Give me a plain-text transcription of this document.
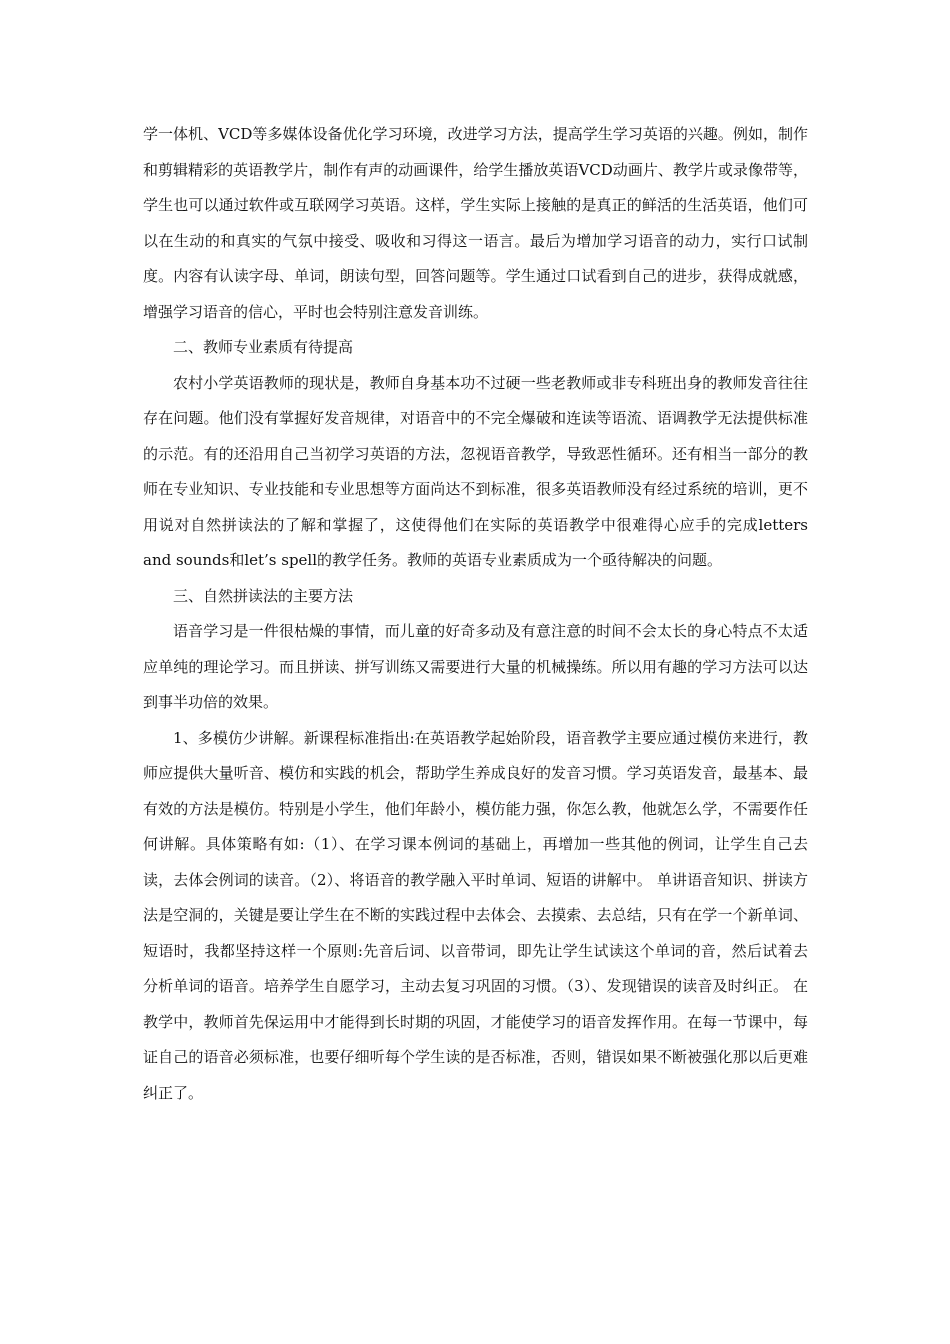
学一体机、VCD等多媒体设备优化学习环境，改进学习方法，提高学生学习英语的兴趣。例如，制作和剪辑精彩的英语教学片，制作有声的动画课件，给学生播放英语VCD动画片、教学片或录像带等，学生也可以通过软件或互联网学习英语。这样，学生实际上接触的是真正的鲜活的生活英语，他们可以在生动的和真实的气氛中接受、吸收和习得这一语言。最后为增加学习语音的动力，实行口试制度。内容有认读字母、单词，朗读句型，回答问题等。学生通过口试看到自己的进步，获得成就感，增强学习语音的信心，平时也会特别注意发音训练。

二、教师专业素质有待提高

农村小学英语教师的现状是，教师自身基本功不过硬一些老教师或非专科班出身的教师发音往往存在问题。他们没有掌握好发音规律，对语音中的不完全爆破和连读等语流、语调教学无法提供标准的示范。有的还沿用自己当初学习英语的方法，忽视语音教学，导致恶性循环。还有相当一部分的教师在专业知识、专业技能和专业思想等方面尚达不到标准，很多英语教师没有经过系统的培训，更不用说对自然拼读法的了解和掌握了，这使得他们在实际的英语教学中很难得心应手的完成letters and sounds和let’s spell的教学任务。教师的英语专业素质成为一个亟待解决的问题。

三、自然拼读法的主要方法

语音学习是一件很枯燥的事情，而儿童的好奇多动及有意注意的时间不会太长的身心特点不太适应单纯的理论学习。而且拼读、拼写训练又需要进行大量的机械操练。所以用有趣的学习方法可以达到事半功倍的效果。

1、多模仿少讲解。新课程标准指出:在英语教学起始阶段，语音教学主要应通过模仿来进行，教师应提供大量听音、模仿和实践的机会，帮助学生养成良好的发音习惯。学习英语发音，最基本、最有效的方法是模仿。特别是小学生，他们年龄小，模仿能力强，你怎么教，他就怎么学，不需要作任何讲解。具体策略有如:（1）、在学习课本例词的基础上，再增加一些其他的例词，让学生自己去读，去体会例词的读音。（2）、将语音的教学融入平时单词、短语的讲解中。 单讲语音知识、拼读方法是空洞的，关键是要让学生在不断的实践过程中去体会、去摸索、去总结，只有在学一个新单词、短语时，我都坚持这样一个原则:先音后词、以音带词，即先让学生试读这个单词的音，然后试着去分析单词的语音。培养学生自愿学习，主动去复习巩固的习惯。（3）、发现错误的读音及时纠正。 在教学中，教师首先保运用中才能得到长时期的巩固，才能使学习的语音发挥作用。在每一节课中，每证自己的语音必须标准，也要仔细听每个学生读的是否标准，否则，错误如果不断被强化那以后更难纠正了。
